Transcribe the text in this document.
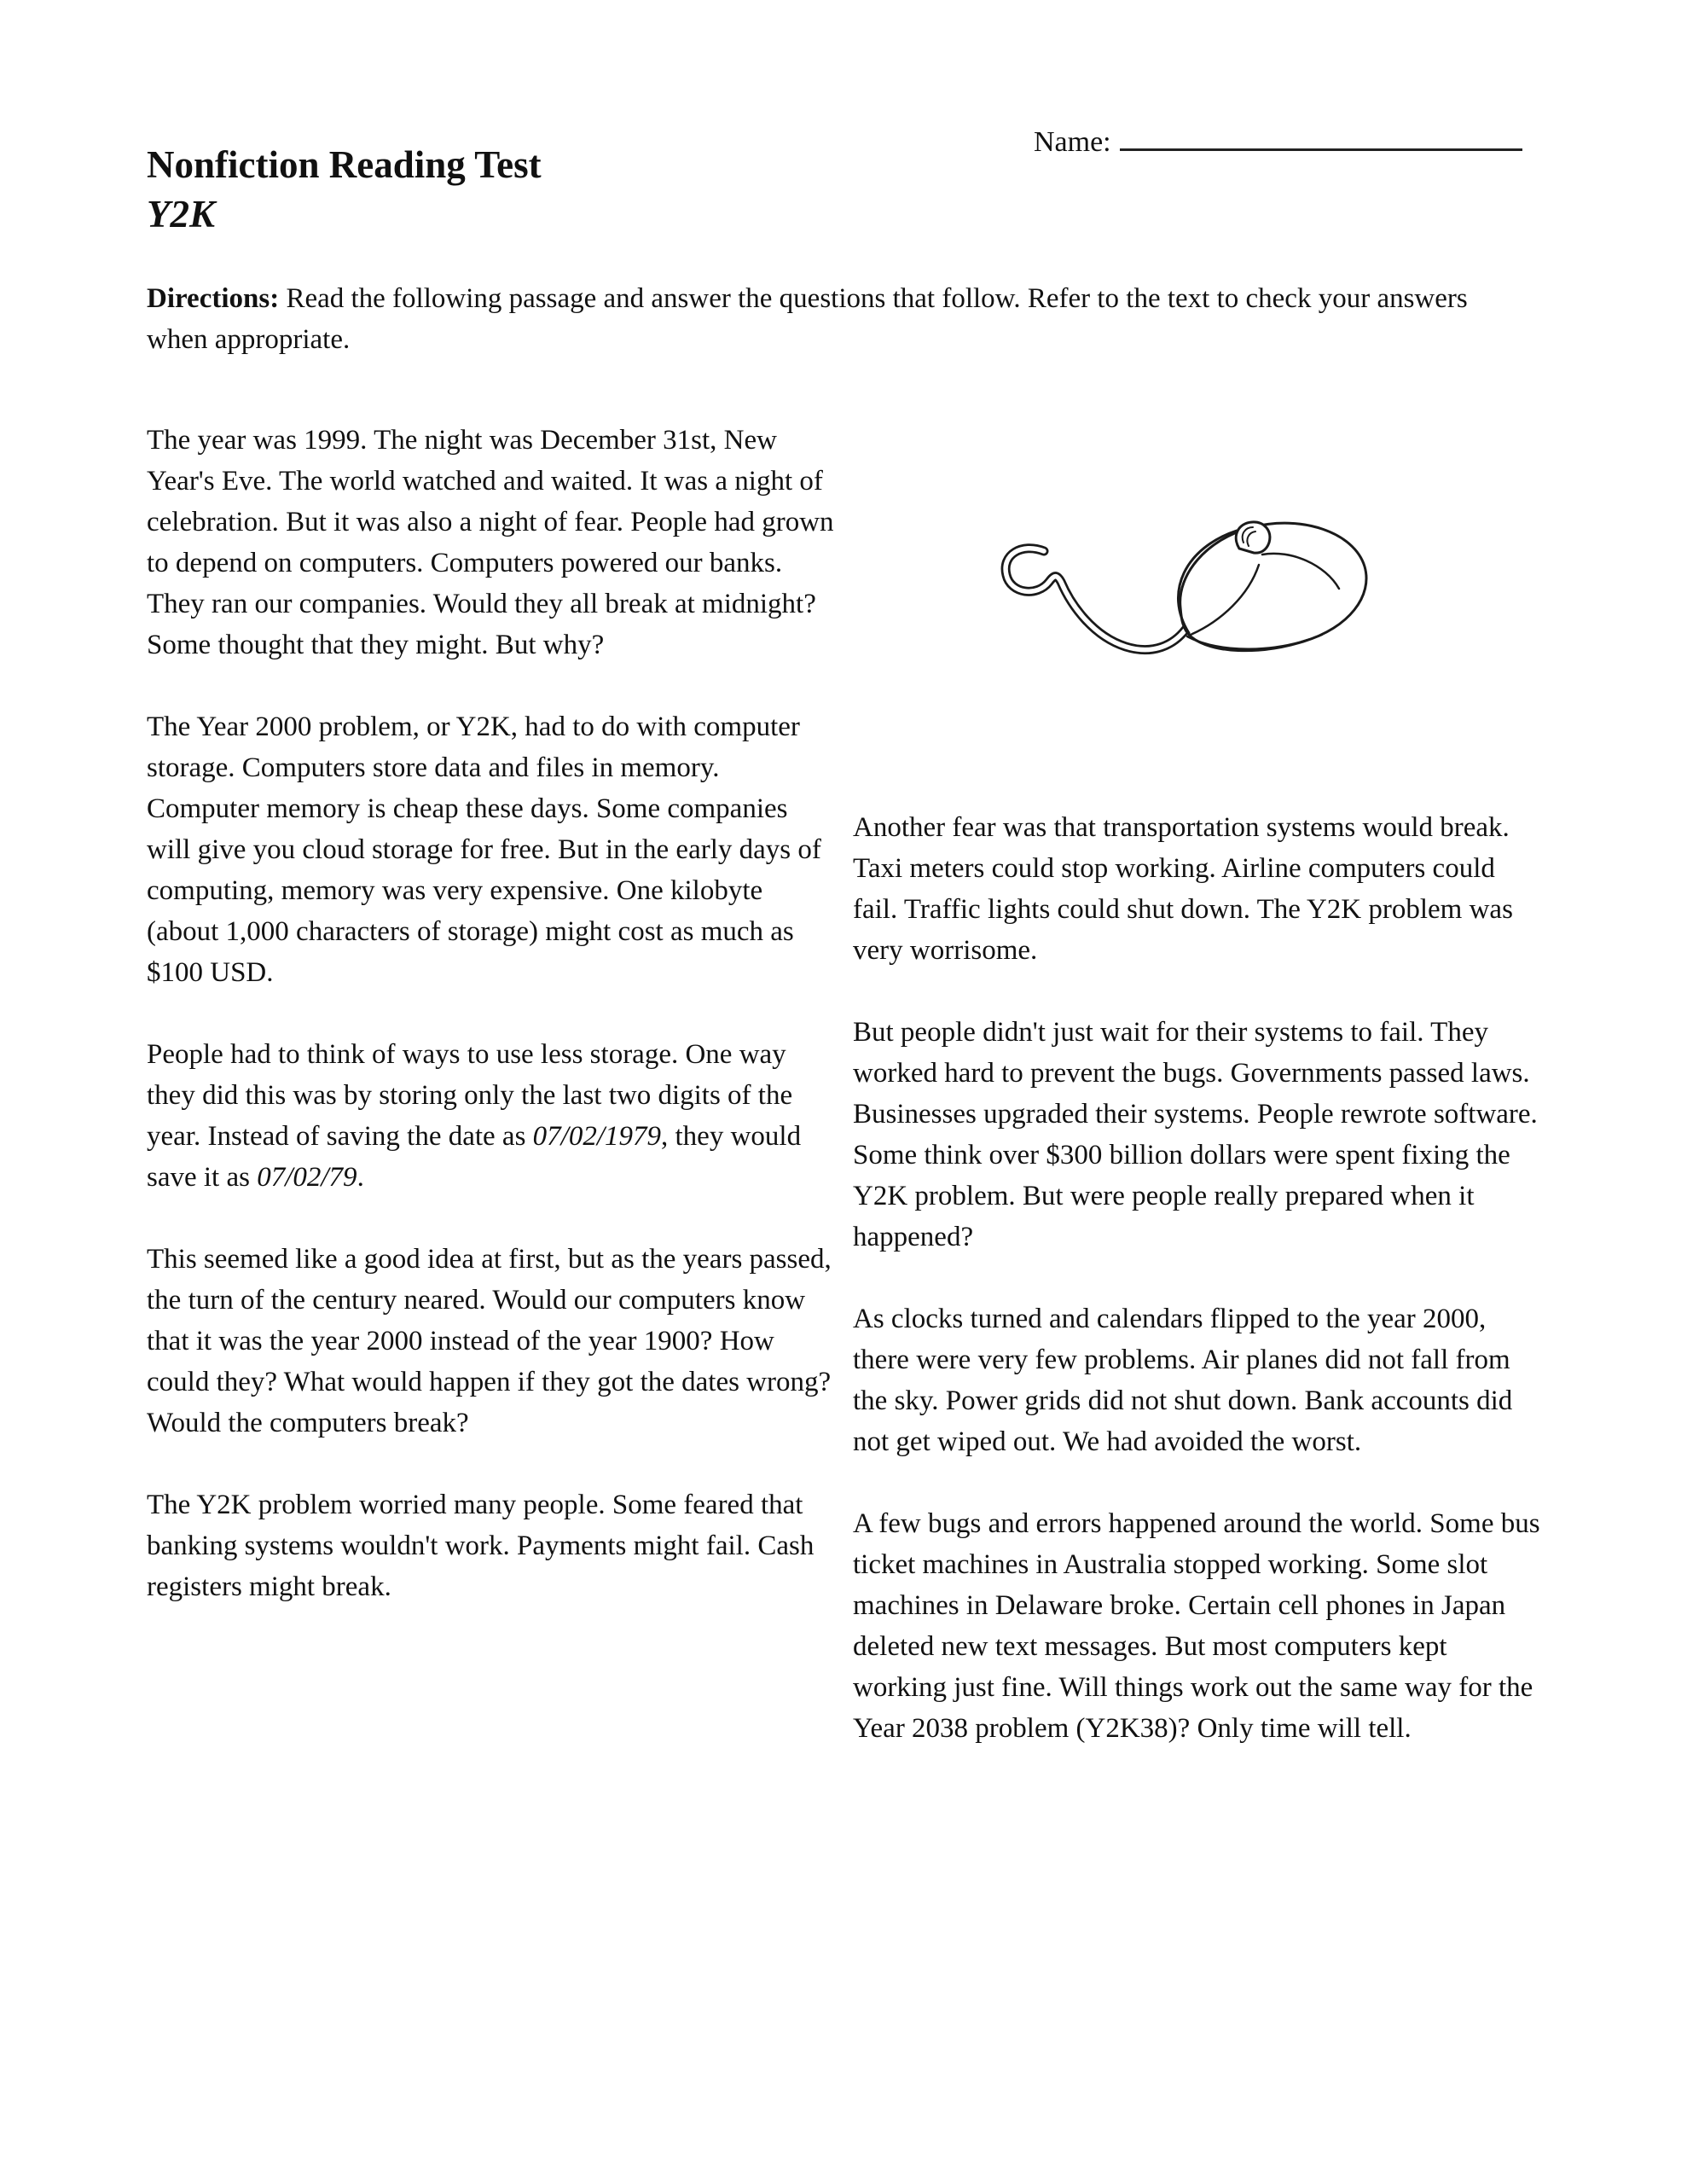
Name:
Nonfiction Reading Test
Y2K
Directions: Read the following passage and answer the questions that follow. Refer to the text to check your answers when appropriate.

The year was 1999. The night was December 31st, New Year's Eve. The world watched and waited. It was a night of celebration. But it was also a night of fear. People had grown to depend on computers. Computers powered our banks. They ran our companies. Would they all break at midnight? Some thought that they might. But why?

The Year 2000 problem, or Y2K, had to do with computer storage. Computers store data and files in memory. Computer memory is cheap these days. Some companies will give you cloud storage for free. But in the early days of computing, memory was very expensive. One kilobyte (about 1,000 characters of storage) might cost as much as $100 USD.

People had to think of ways to use less storage. One way they did this was by storing only the last two digits of the year. Instead of saving the date as 07/02/1979, they would save it as 07/02/79.

This seemed like a good idea at first, but as the years passed, the turn of the century neared. Would our computers know that it was the year 2000 instead of the year 1900? How could they? What would happen if they got the dates wrong? Would the computers break?

The Y2K problem worried many people. Some feared that banking systems wouldn't work. Payments might fail. Cash registers might break.

Another fear was that transportation systems would break. Taxi meters could stop working. Airline computers could fail. Traffic lights could shut down. The Y2K problem was very worrisome.

But people didn't just wait for their systems to fail. They worked hard to prevent the bugs. Governments passed laws. Businesses upgraded their systems. People rewrote software. Some think over $300 billion dollars were spent fixing the Y2K problem. But were people really prepared when it happened?

As clocks turned and calendars flipped to the year 2000, there were very few problems. Air planes did not fall from the sky. Power grids did not shut down. Bank accounts did not get wiped out. We had avoided the worst.

A few bugs and errors happened around the world. Some bus ticket machines in Australia stopped working. Some slot machines in Delaware broke. Certain cell phones in Japan deleted new text messages. But most computers kept working just fine. Will things work out the same way for the Year 2038 problem (Y2K38)? Only time will tell.
